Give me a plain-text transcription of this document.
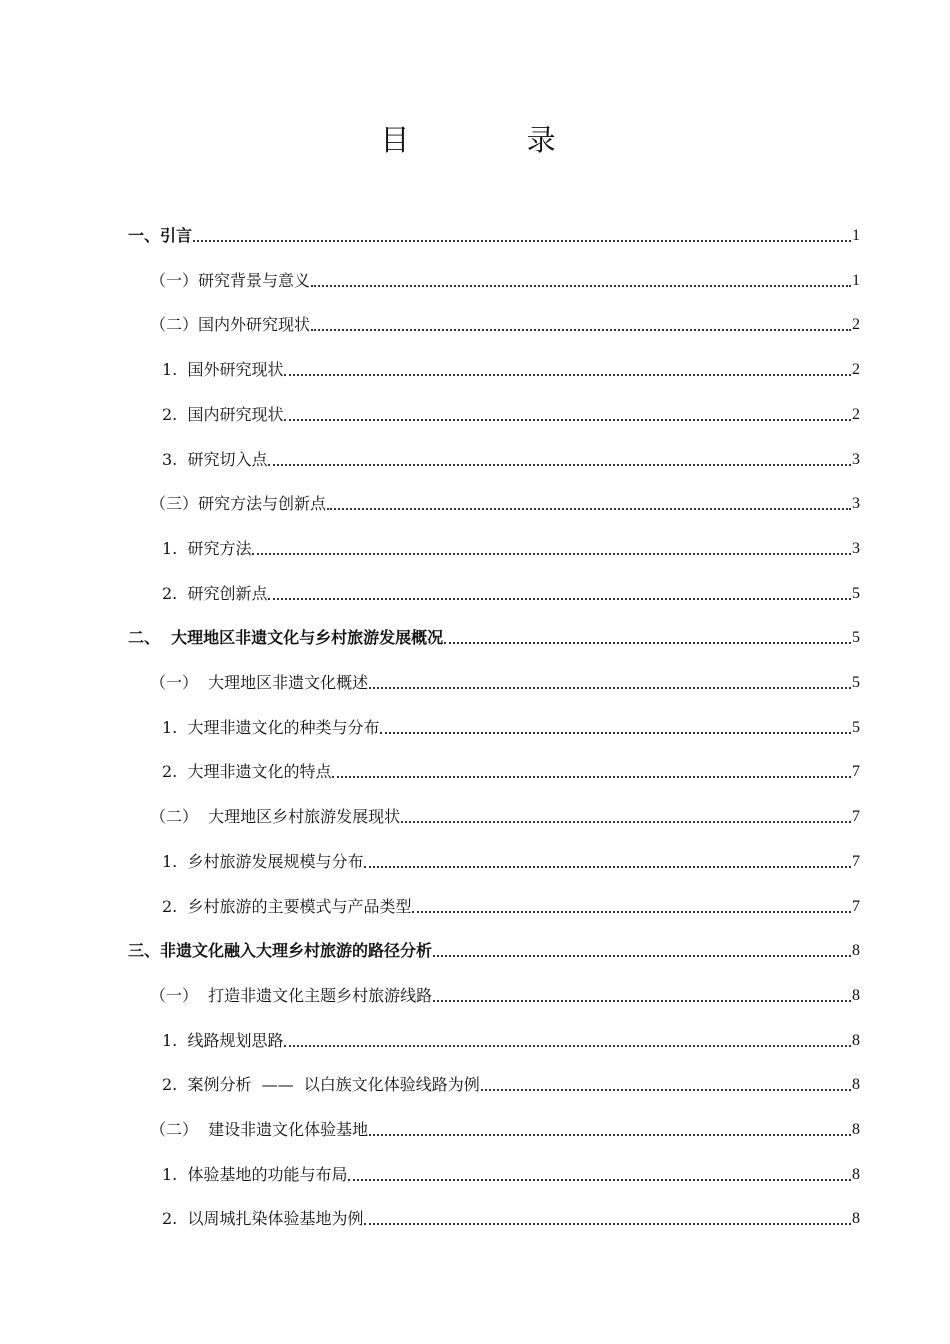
目 录
一、引言	1
（一）研究背景与意义	1
（二）国内外研究现状	2
1.  国外研究现状	2
2.  国内研究现状	2
3.  研究切入点	3
（三）研究方法与创新点	3
1.  研究方法	3
2.  研究创新点	5
二、  大理地区非遗文化与乡村旅游发展概况	5
（一）  大理地区非遗文化概述	5
1.  大理非遗文化的种类与分布	5
2.  大理非遗文化的特点	7
（二）  大理地区乡村旅游发展现状	7
1.  乡村旅游发展规模与分布	7
2.  乡村旅游的主要模式与产品类型	7
三、非遗文化融入大理乡村旅游的路径分析	8
（一）  打造非遗文化主题乡村旅游线路	8
1.  线路规划思路	8
2.  案例分析  ——  以白族文化体验线路为例	8
（二）  建设非遗文化体验基地	8
1.  体验基地的功能与布局	8
2.  以周城扎染体验基地为例	8
